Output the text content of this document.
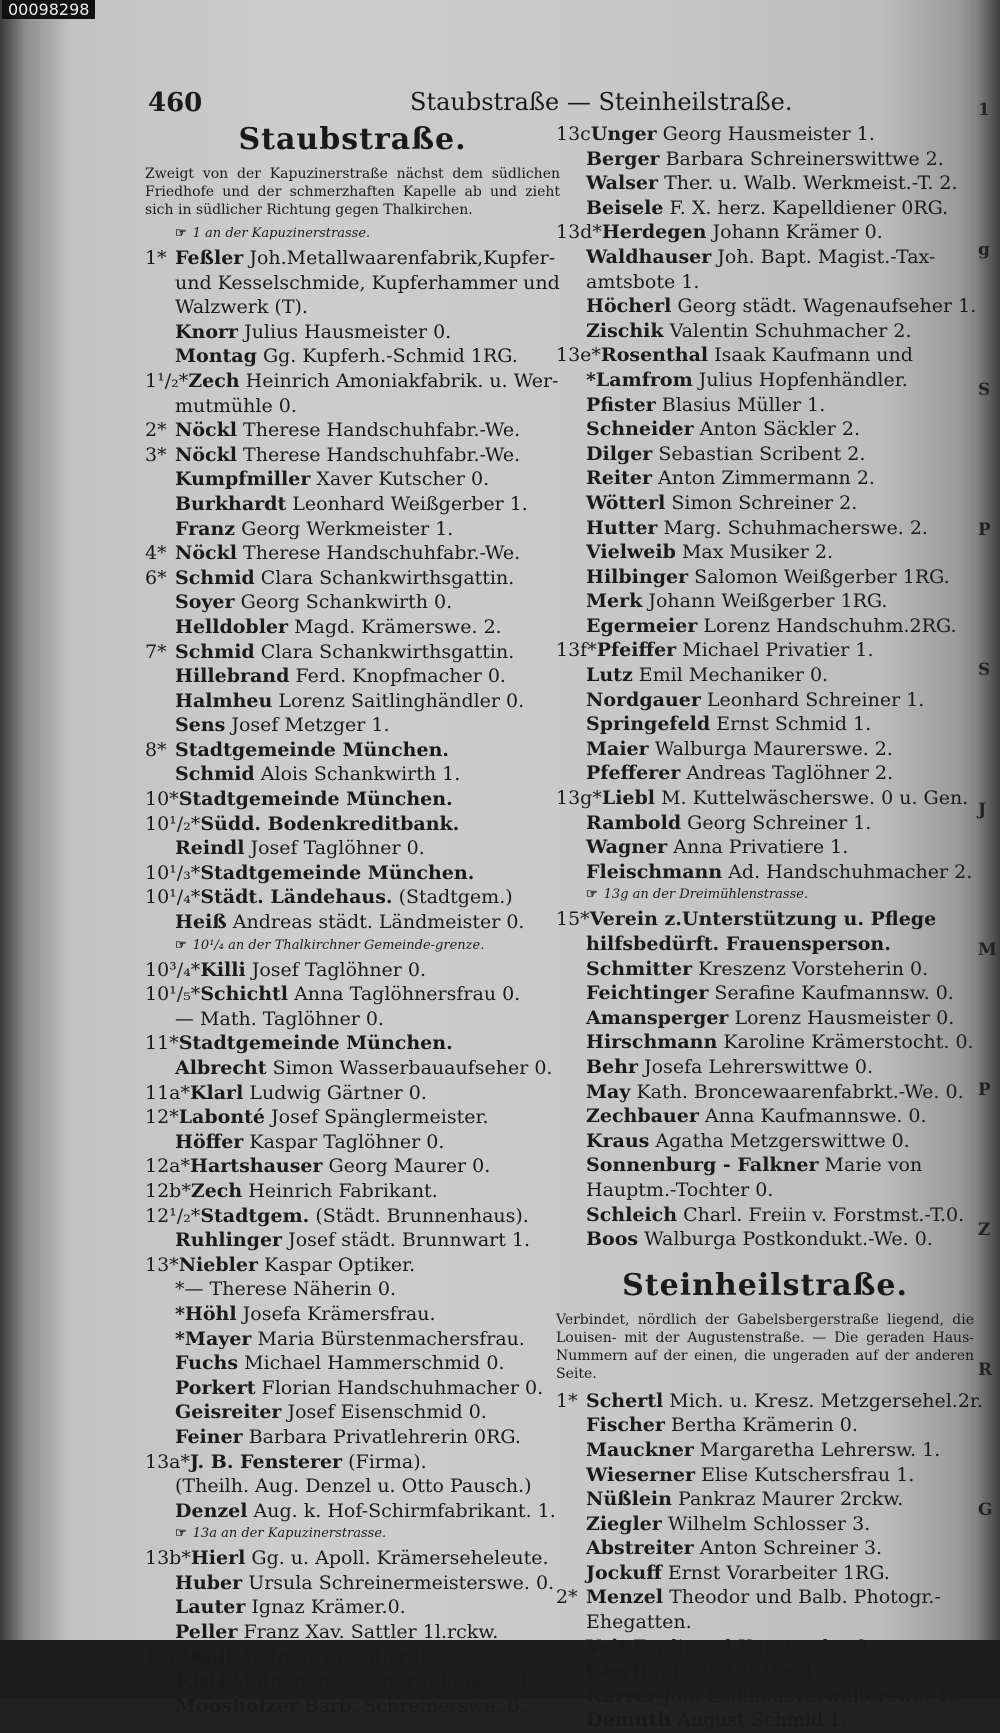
00098298
1
g
S
P
S
J
M
P
Z
R
G
460	Staubstraße — Steinheilstraße.
Staubstraße.
Zweigt von der Kapuzinerstraße nächst dem südlichen Friedhofe und der schmerzhaften Kapelle ab und zieht sich in südlicher Richtung gegen Thalkirchen.
☞ 1 an der Kapuzinerstrasse.
1* Feßler Joh.Metallwaarenfabrik,Kupfer-
und Kesselschmide, Kupferhammer und
Walzwerk (T).
Knorr Julius Hausmeister 0.
Montag Gg. Kupferh.-Schmid 1RG.
1¹/₂*Zech Heinrich Amoniakfabrik. u. Wer-
mutmühle 0.
2* Nöckl Therese Handschuhfabr.-We.
3* Nöckl Therese Handschuhfabr.-We.
Kumpfmiller Xaver Kutscher 0.
Burkhardt Leonhard Weißgerber 1.
Franz Georg Werkmeister 1.
4* Nöckl Therese Handschuhfabr.-We.
6* Schmid Clara Schankwirthsgattin.
Soyer Georg Schankwirth 0.
Helldobler Magd. Krämerswe. 2.
7* Schmid Clara Schankwirthsgattin.
Hillebrand Ferd. Knopfmacher 0.
Halmheu Lorenz Saitlinghändler 0.
Sens Josef Metzger 1.
8* Stadtgemeinde München.
Schmid Alois Schankwirth 1.
10*Stadtgemeinde München.
10¹/₂*Südd. Bodenkreditbank.
Reindl Josef Taglöhner 0.
10¹/₃*Stadtgemeinde München.
10¹/₄*Städt. Ländehaus. (Stadtgem.)
Heiß Andreas städt. Ländmeister 0.
☞ 10¹/₄ an der Thalkirchner Gemeinde-grenze.
10³/₄*Killi Josef Taglöhner 0.
10¹/₅*Schichtl Anna Taglöhnersfrau 0.
— Math. Taglöhner 0.
11*Stadtgemeinde München.
Albrecht Simon Wasserbauaufseher 0.
11a*Klarl Ludwig Gärtner 0.
12*Labonté Josef Spänglermeister.
Höffer Kaspar Taglöhner 0.
12a*Hartshauser Georg Maurer 0.
12b*Zech Heinrich Fabrikant.
12¹/₂*Stadtgem. (Städt. Brunnenhaus).
Ruhlinger Josef städt. Brunnwart 1.
13*Niebler Kaspar Optiker.
*— Therese Näherin 0.
*Höhl Josefa Krämersfrau.
*Mayer Maria Bürstenmachersfrau.
Fuchs Michael Hammerschmid 0.
Porkert Florian Handschuhmacher 0.
Geisreiter Josef Eisenschmid 0.
Feiner Barbara Privatlehrerin 0RG.
13a*J. B. Fensterer (Firma).
(Theilh. Aug. Denzel u. Otto Pausch.)
Denzel Aug. k. Hof-Schirmfabrikant. 1.
☞ 13a an der Kapuzinerstrasse.
13b*Hierl Gg. u. Apoll. Krämerseheleute.
Huber Ursula Schreinermeisterswe. 0.
Lauter Ignaz Krämer.0.
Peller Franz Xav. Sattler 1l.rckw.
13c*Köll Andreas Privatier 0.
Kistl Math. gen. Neuner Bildhauer 0.
Moosholzer Barb. Schreinerswe. 0.
13cUnger Georg Hausmeister 1.
Berger Barbara Schreinerswittwe 2.
Walser Ther. u. Walb. Werkmeist.-T. 2.
Beisele F. X. herz. Kapelldiener 0RG.
13d*Herdegen Johann Krämer 0.
Waldhauser Joh. Bapt. Magist.-Tax-
amtsbote 1.
Höcherl Georg städt. Wagenaufseher 1.
Zischik Valentin Schuhmacher 2.
13e*Rosenthal Isaak Kaufmann und
*Lamfrom Julius Hopfenhändler.
Pfister Blasius Müller 1.
Schneider Anton Säckler 2.
Dilger Sebastian Scribent 2.
Reiter Anton Zimmermann 2.
Wötterl Simon Schreiner 2.
Hutter Marg. Schuhmacherswe. 2.
Vielweib Max Musiker 2.
Hilbinger Salomon Weißgerber 1RG.
Merk Johann Weißgerber 1RG.
Egermeier Lorenz Handschuhm.2RG.
13f*Pfeiffer Michael Privatier 1.
Lutz Emil Mechaniker 0.
Nordgauer Leonhard Schreiner 1.
Springefeld Ernst Schmid 1.
Maier Walburga Maurerswe. 2.
Pfefferer Andreas Taglöhner 2.
13g*Liebl M. Kuttelwäscherswe. 0 u. Gen.
Rambold Georg Schreiner 1.
Wagner Anna Privatiere 1.
Fleischmann Ad. Handschuhmacher 2.
☞ 13g an der Dreimühlenstrasse.
15*Verein z.Unterstützung u. Pflege
hilfsbedürft. Frauensperson.
Schmitter Kreszenz Vorsteherin 0.
Feichtinger Serafine Kaufmannsw. 0.
Amansperger Lorenz Hausmeister 0.
Hirschmann Karoline Krämerstocht. 0.
Behr Josefa Lehrerswittwe 0.
May Kath. Broncewaarenfabrkt.-We. 0.
Zechbauer Anna Kaufmannswe. 0.
Kraus Agatha Metzgerswittwe 0.
Sonnenburg - Falkner Marie von
Hauptm.-Tochter 0.
Schleich Charl. Freiin v. Forstmst.-T.0.
Boos Walburga Postkondukt.-We. 0.
Steinheilstraße.
Verbindet, nördlich der Gabelsbergerstraße liegend, die Louisen- mit der Augustenstraße. — Die geraden Haus-Nummern auf der einen, die ungeraden auf der anderen Seite.
1* Schertl Mich. u. Kresz. Metzgersehel.2r.
Fischer Bertha Krämerin 0.
Mauckner Margaretha Lehrersw. 1.
Wieserner Elise Kutschersfrau 1.
Nüßlein Pankraz Maurer 2rckw.
Ziegler Wilhelm Schlosser 3.
Abstreiter Anton Schreiner 3.
Jockuff Ernst Vorarbeiter 1RG.
2* Menzel Theodor und Balb. Photogr.-
Ehegatten.
Veit Ferdinand Kunstmaler 0.
Giertl Johann Gürtler 1l.
Karrer Joh. Leihhausverwalterswe. 1.
Demuth August Schmid 1.
